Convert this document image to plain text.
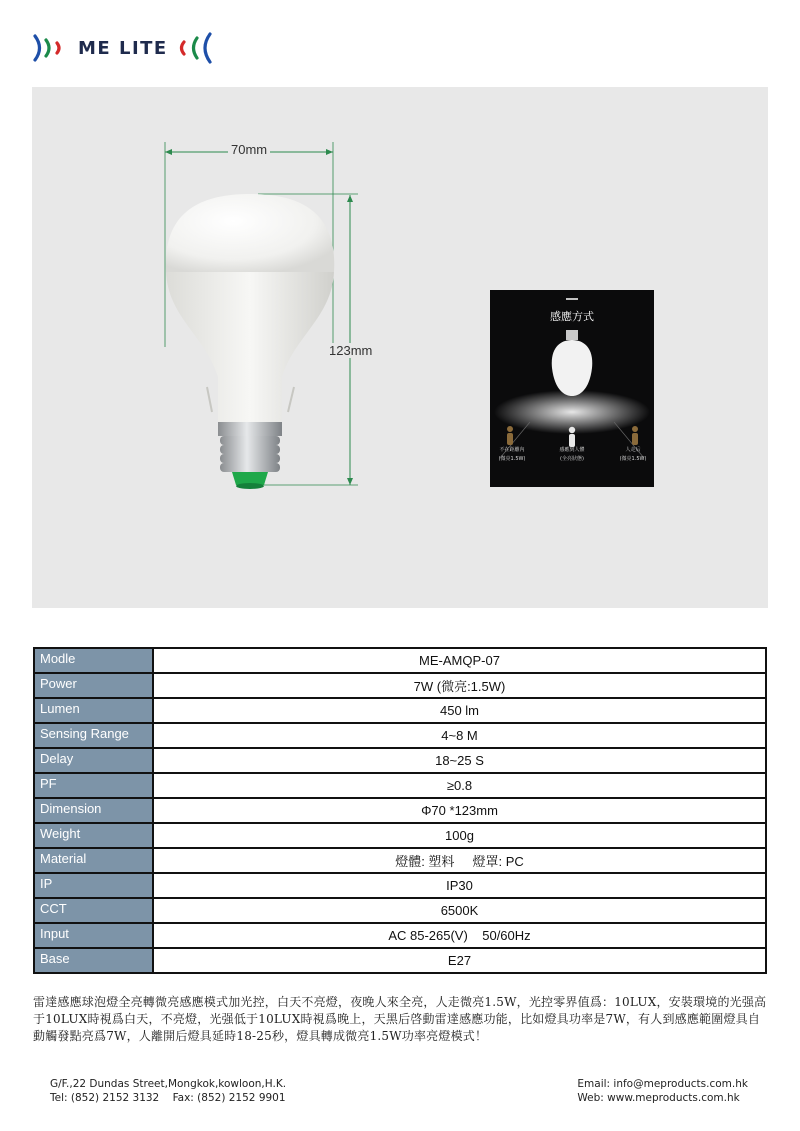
ME LITE
70mm
123mm
感應方式
不在距離內
(微亮1.5W)
感應到人體
(全亮狀態)
人走后
(微亮1.5W)
Modle	ME-AMQP-07
Power	7W (微亮:1.5W)
Lumen	450 lm
Sensing Range	4~8 M
Delay	18~25 S
PF	≥0.8
Dimension	Φ70 *123mm
Weight	100g
Material	燈體: 塑料     燈罩: PC
IP	IP30
CCT	6500K
Input	AC 85-265(V)    50/60Hz
Base	E27
雷達感應球泡燈全亮轉微亮感應模式加光控，白天不亮燈，夜晚人來全亮，人走微亮1.5W，光控零界值爲：10LUX，安裝環境的光强高于10LUX時視爲白天，不亮燈，光强低于10LUX時視爲晚上，天黑后啓動雷達感應功能，比如燈具功率是7W，有人到感應範圍燈具自動觸發點亮爲7W，人離開后燈具延時18-25秒，燈具轉成微亮1.5W功率亮燈模式！
G/F.,22 Dundas Street,Mongkok,kowloon,H.K.
Tel: (852) 2152 3132    Fax: (852) 2152 9901
Email: info@meproducts.com.hk
Web: www.meproducts.com.hk
